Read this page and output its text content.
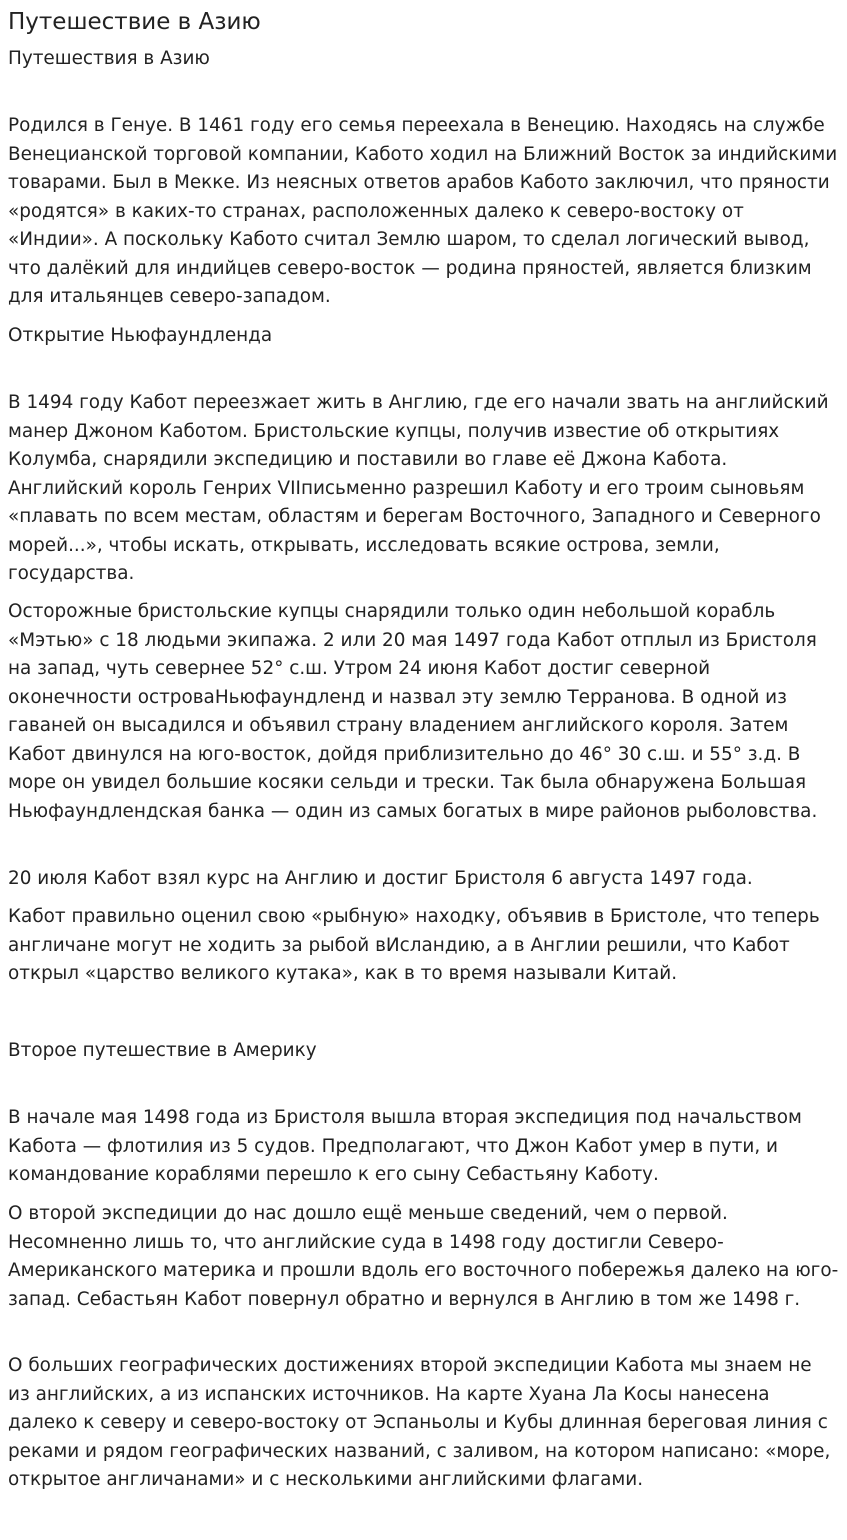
Путешествие в Азию

Путешествия в Азию

Родился в Генуе. В 1461 году его семья переехала в Венецию. Находясь на службе Венецианской торговой компании, Кабото ходил на Ближний Восток за индийскими товарами. Был в Мекке. Из неясных ответов арабов Кабото заключил, что пряности «родятся» в каких-то странах, расположенных далеко к северо-востоку от «Индии». А поскольку Кабото считал Землю шаром, то сделал логический вывод, что далёкий для индийцев северо-восток — родина пряностей, является близким для итальянцев северо-западом.

Открытие Ньюфаундленда

В 1494 году Кабот переезжает жить в Англию, где его начали звать на английский манер Джоном Каботом. Бристольские купцы, получив известие об открытиях Колумба, снарядили экспедицию и поставили во главе её Джона Кабота. Английский король Генрих VIIписьменно разрешил Каботу и его троим сыновьям «плавать по всем местам, областям и берегам Восточного, Западного и Северного морей...», чтобы искать, открывать, исследовать всякие острова, земли, государства.

Осторожные бристольские купцы снарядили только один небольшой корабль «Мэтью» с 18 людьми экипажа. 2 или 20 мая 1497 года Кабот отплыл из Бристоля на запад, чуть севернее 52° с.ш. Утром 24 июня Кабот достиг северной оконечности островаНьюфаундленд и назвал эту землю Терранова. В одной из гаваней он высадился и объявил страну владением английского короля. Затем Кабот двинулся на юго-восток, дойдя приблизительно до 46° 30 с.ш. и 55° з.д. В море он увидел большие косяки сельди и трески. Так была обнаружена Большая Ньюфаундлендская банка — один из самых богатых в мире районов рыболовства.

20 июля Кабот взял курс на Англию и достиг Бристоля 6 августа 1497 года.

Кабот правильно оценил свою «рыбную» находку, объявив в Бристоле, что теперь англичане могут не ходить за рыбой вИсландию, а в Англии решили, что Кабот открыл «царство великого кутака», как в то время называли Китай.

Второе путешествие в Америку

В начале мая 1498 года из Бристоля вышла вторая экспедиция под начальством Кабота — флотилия из 5 судов. Предполагают, что Джон Кабот умер в пути, и командование кораблями перешло к его сыну Себастьяну Каботу.

О второй экспедиции до нас дошло ещё меньше сведений, чем о первой. Несомненно лишь то, что английские суда в 1498 году достигли Северо-Американского материка и прошли вдоль его восточного побережья далеко на юго-запад. Себастьян Кабот повернул обратно и вернулся в Англию в том же 1498 г.

О больших географических достижениях второй экспедиции Кабота мы знаем не из английских, а из испанских источников. На карте Хуана Ла Косы нанесена далеко к северу и северо-востоку от Эспаньолы и Кубы длинная береговая линия с реками и рядом географических названий, с заливом, на котором написано: «море, открытое англичанами» и с несколькими английскими флагами.
